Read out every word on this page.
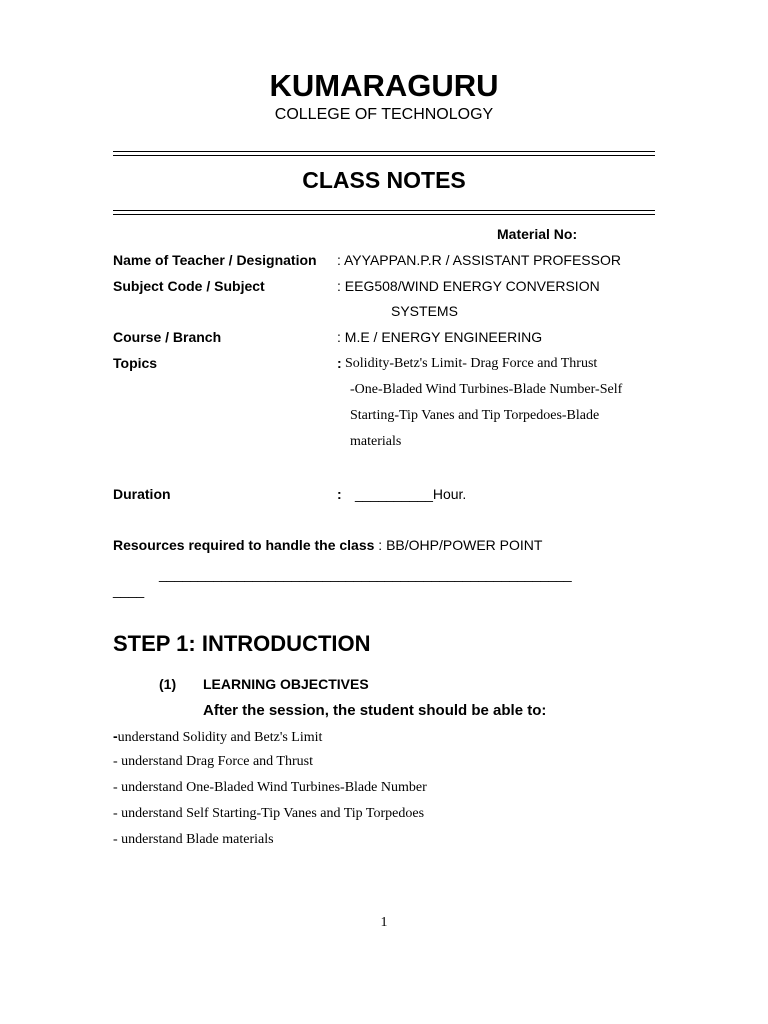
KUMARAGURU
COLLEGE OF TECHNOLOGY
CLASS NOTES
Material No:
Name of Teacher / Designation : AYYAPPAN.P.R / ASSISTANT PROFESSOR
Subject Code / Subject	: EEG508/WIND ENERGY CONVERSION
SYSTEMS
Course / Branch	: M.E / ENERGY ENGINEERING
Topics	: Solidity-Betz's Limit- Drag Force and Thrust
-One-Bladed Wind Turbines-Blade Number-Self
Starting-Tip Vanes and Tip Torpedoes-Blade
materials
Duration	: __________Hour.
Resources required to handle the class : BB/OHP/POWER POINT
_____________________________________________________
____
STEP 1: INTRODUCTION
(1) LEARNING OBJECTIVES
After the session, the student should be able to:
-understand Solidity and Betz's Limit
- understand Drag Force and Thrust
- understand One-Bladed Wind Turbines-Blade Number
- understand Self Starting-Tip Vanes and Tip Torpedoes
- understand Blade materials
1
